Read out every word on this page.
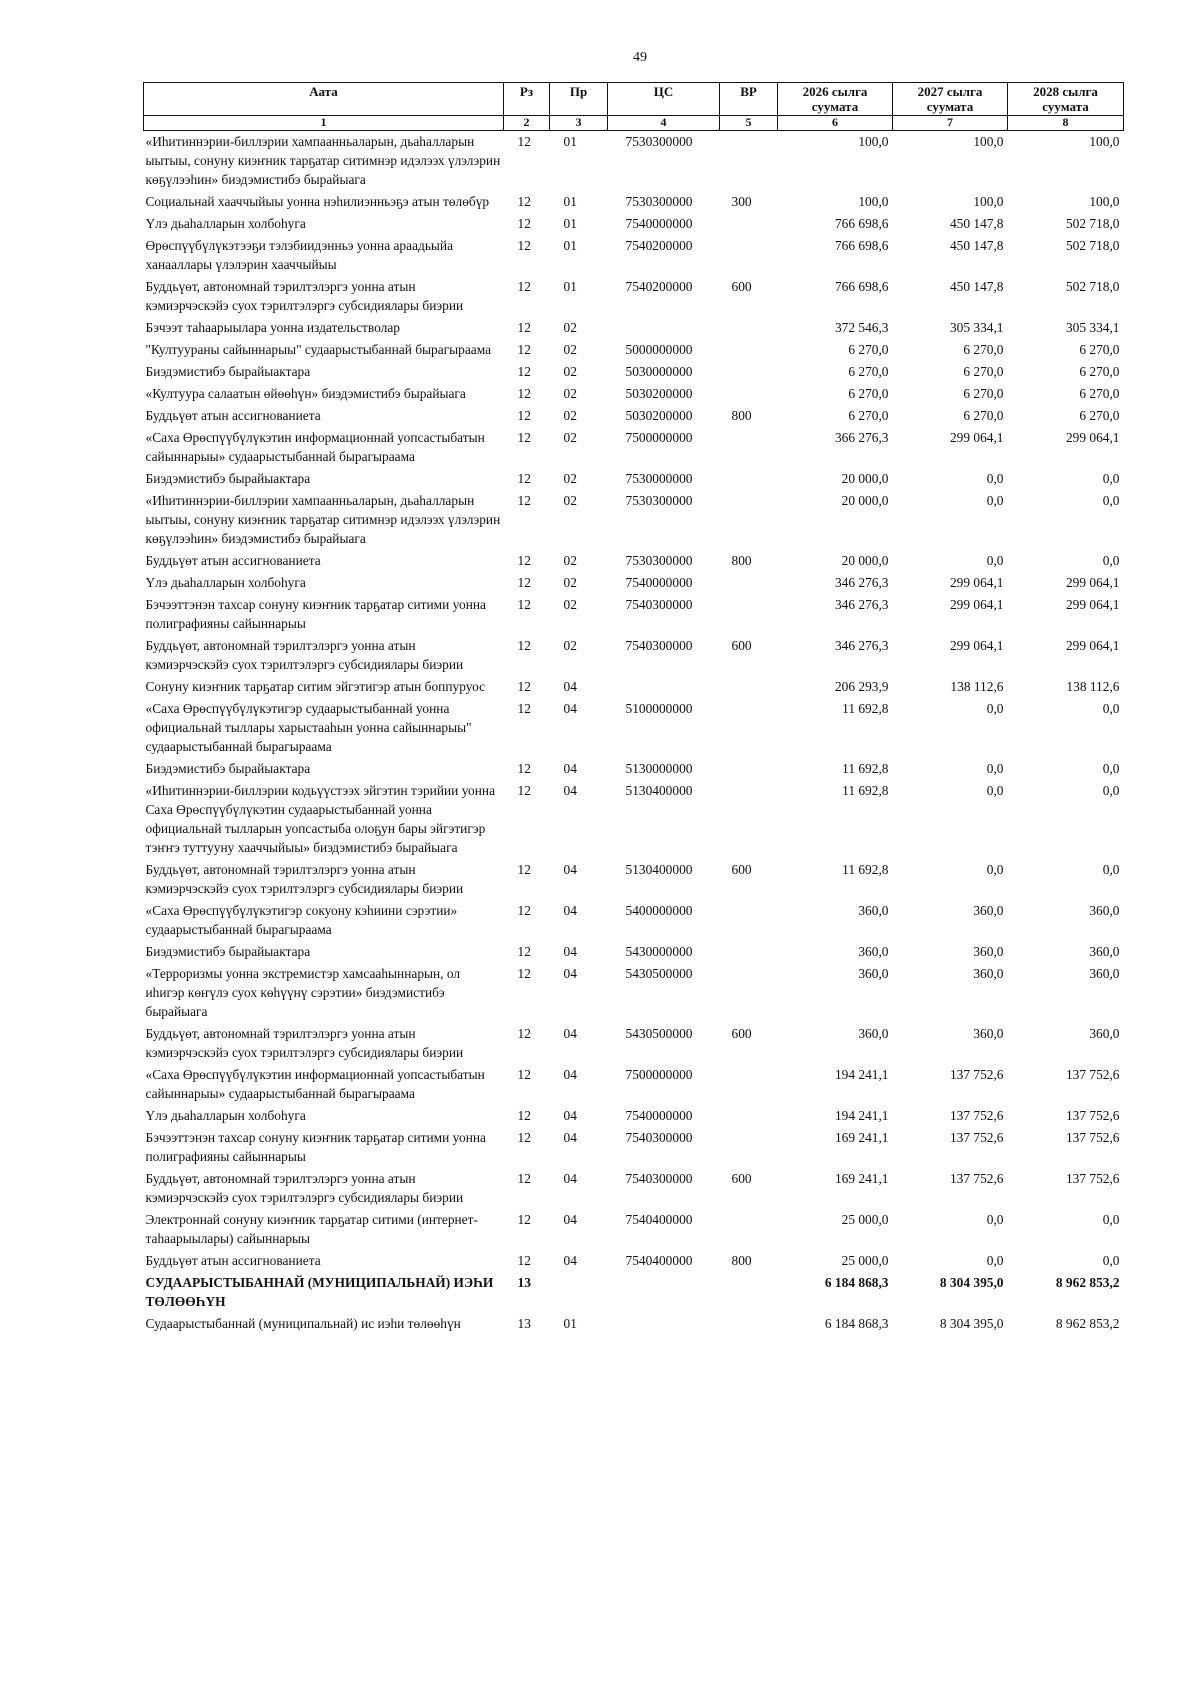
49
Аата	Рз	Пр	ЦС	ВР	2026 сылга суумата	2027 сылга суумата	2028 сылга суумата
1	2	3	4	5	6	7	8
«Иһитиннэрии-биллэрии хампаанньаларын, дьаһалларын ыытыы, сонуну киэҥник тарҕатар ситимнэр идэлээх үлэлэрин көҕүлээһин» биэдэмистибэ бырайыага	12	01	7530300000		100,0	100,0	100,0
Социальнай хааччыйыы уонна нэһилиэнньэҕэ атын төлөбүр	12	01	7530300000	300	100,0	100,0	100,0
Үлэ дьаһалларын холбоһуга	12	01	7540000000		766 698,6	450 147,8	502 718,0
Өрөспүүбүлүкэтээҕи тэлэбиидэнньэ уонна араадьыйа ханааллары үлэлэрин хааччыйыы	12	01	7540200000		766 698,6	450 147,8	502 718,0
Буддьүөт, автономнай тэрилтэлэргэ уонна атын кэмиэрчэскэйэ суох тэрилтэлэргэ субсидиялары биэрии	12	01	7540200000	600	766 698,6	450 147,8	502 718,0
Бэчээт таһаарыылара уонна издательстволар	12	02			372 546,3	305 334,1	305 334,1
"Култуураны сайыннарыы" судаарыстыбаннай бырагыраама	12	02	5000000000		6 270,0	6 270,0	6 270,0
Биэдэмистибэ бырайыактара	12	02	5030000000		6 270,0	6 270,0	6 270,0
«Култуура салаатын өйөөһүн» биэдэмистибэ бырайыага	12	02	5030200000		6 270,0	6 270,0	6 270,0
Буддьүөт атын ассигнованиета	12	02	5030200000	800	6 270,0	6 270,0	6 270,0
«Саха Өрөспүүбүлүкэтин информационнай уопсастыбатын сайыннарыы» судаарыстыбаннай бырагыраама	12	02	7500000000		366 276,3	299 064,1	299 064,1
Биэдэмистибэ бырайыактара	12	02	7530000000		20 000,0	0,0	0,0
«Иһитиннэрии-биллэрии хампаанньаларын, дьаһалларын ыытыы, сонуну киэҥник тарҕатар ситимнэр идэлээх үлэлэрин көҕүлээһин» биэдэмистибэ бырайыага	12	02	7530300000		20 000,0	0,0	0,0
Буддьүөт атын ассигнованиета	12	02	7530300000	800	20 000,0	0,0	0,0
Үлэ дьаһалларын холбоһуга	12	02	7540000000		346 276,3	299 064,1	299 064,1
Бэчээттэнэн тахсар сонуну киэҥник тарҕатар ситими уонна полиграфияны сайыннарыы	12	02	7540300000		346 276,3	299 064,1	299 064,1
Буддьүөт, автономнай тэрилтэлэргэ уонна атын кэмиэрчэскэйэ суох тэрилтэлэргэ субсидиялары биэрии	12	02	7540300000	600	346 276,3	299 064,1	299 064,1
Сонуну киэҥник тарҕатар ситим эйгэтигэр атын боппуруос	12	04			206 293,9	138 112,6	138 112,6
«Саха Өрөспүүбүлүкэтигэр судаарыстыбаннай уонна официальнай тыллары харыстааһын уонна сайыннарыы" судаарыстыбаннай бырагыраама	12	04	5100000000		11 692,8	0,0	0,0
Биэдэмистибэ бырайыактара	12	04	5130000000		11 692,8	0,0	0,0
«Иһитиннэрии-биллэрии кодьүүстээх эйгэтин тэрийии уонна Саха Өрөспүүбүлүкэтин судаарыстыбаннай уонна официальнай тылларын уопсастыба олоҕун бары эйгэтигэр тэҥҥэ туттууну хааччыйыы» биэдэмистибэ бырайыага	12	04	5130400000		11 692,8	0,0	0,0
Буддьүөт, автономнай тэрилтэлэргэ уонна атын кэмиэрчэскэйэ суох тэрилтэлэргэ субсидиялары биэрии	12	04	5130400000	600	11 692,8	0,0	0,0
«Саха Өрөспүүбүлүкэтигэр сокуону кэһиини сэрэтии» судаарыстыбаннай бырагыраама	12	04	5400000000		360,0	360,0	360,0
Биэдэмистибэ бырайыактара	12	04	5430000000		360,0	360,0	360,0
«Терроризмы уонна экстремистэр хамсааһыннарын, ол иһигэр көҥүлэ суох көһүүнү сэрэтии» биэдэмистибэ бырайыага	12	04	5430500000		360,0	360,0	360,0
Буддьүөт, автономнай тэрилтэлэргэ уонна атын кэмиэрчэскэйэ суох тэрилтэлэргэ субсидиялары биэрии	12	04	5430500000	600	360,0	360,0	360,0
«Саха Өрөспүүбүлүкэтин информационнай уопсастыбатын сайыннарыы» судаарыстыбаннай бырагыраама	12	04	7500000000		194 241,1	137 752,6	137 752,6
Үлэ дьаһалларын холбоһуга	12	04	7540000000		194 241,1	137 752,6	137 752,6
Бэчээттэнэн тахсар сонуну киэҥник тарҕатар ситими уонна полиграфияны сайыннарыы	12	04	7540300000		169 241,1	137 752,6	137 752,6
Буддьүөт, автономнай тэрилтэлэргэ уонна атын кэмиэрчэскэйэ суох тэрилтэлэргэ субсидиялары биэрии	12	04	7540300000	600	169 241,1	137 752,6	137 752,6
Электроннай сонуну киэҥник тарҕатар ситими (интернет-таһаарыылары) сайыннарыы	12	04	7540400000		25 000,0	0,0	0,0
Буддьүөт атын ассигнованиета	12	04	7540400000	800	25 000,0	0,0	0,0
СУДААРЫСТЫБАННАЙ (МУНИЦИПАЛЬНАЙ) ИЭҺИ ТӨЛӨӨҺҮН	13				6 184 868,3	8 304 395,0	8 962 853,2
Судаарыстыбаннай (муниципальнай) ис иэһи төлөөһүн	13	01			6 184 868,3	8 304 395,0	8 962 853,2
